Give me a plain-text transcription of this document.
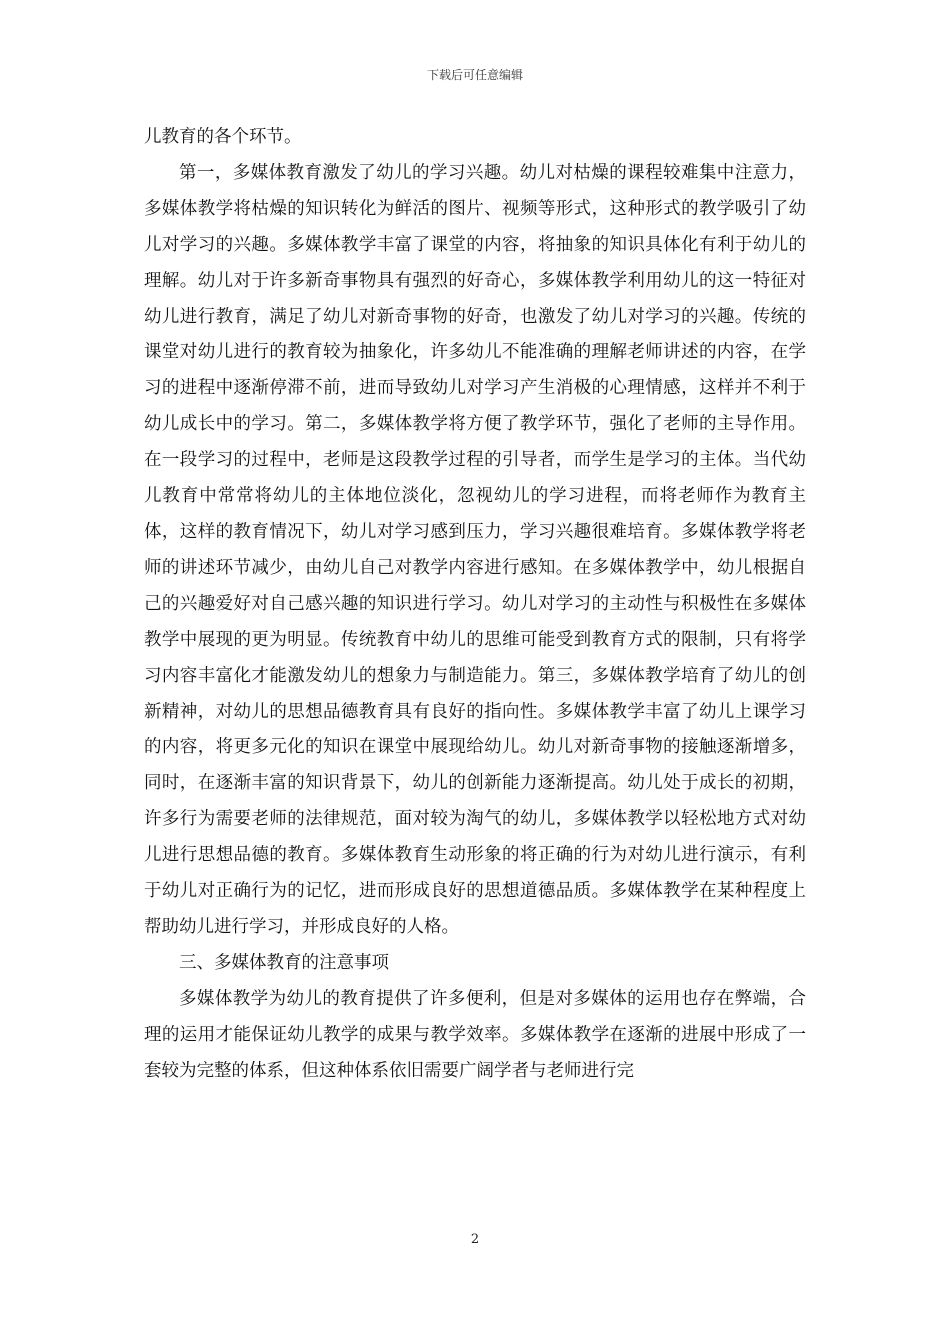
下载后可任意编辑

儿教育的各个环节。

第一，多媒体教育激发了幼儿的学习兴趣。幼儿对枯燥的课程较难集中注意力，多媒体教学将枯燥的知识转化为鲜活的图片、视频等形式，这种形式的教学吸引了幼儿对学习的兴趣。多媒体教学丰富了课堂的内容，将抽象的知识具体化有利于幼儿的理解。幼儿对于许多新奇事物具有强烈的好奇心，多媒体教学利用幼儿的这一特征对幼儿进行教育，满足了幼儿对新奇事物的好奇，也激发了幼儿对学习的兴趣。传统的课堂对幼儿进行的教育较为抽象化，许多幼儿不能准确的理解老师讲述的内容，在学习的进程中逐渐停滞不前，进而导致幼儿对学习产生消极的心理情感，这样并不利于幼儿成长中的学习。第二，多媒体教学将方便了教学环节，强化了老师的主导作用。在一段学习的过程中，老师是这段教学过程的引导者，而学生是学习的主体。当代幼儿教育中常常将幼儿的主体地位淡化，忽视幼儿的学习进程，而将老师作为教育主体，这样的教育情况下，幼儿对学习感到压力，学习兴趣很难培育。多媒体教学将老师的讲述环节减少，由幼儿自己对教学内容进行感知。在多媒体教学中，幼儿根据自己的兴趣爱好对自己感兴趣的知识进行学习。幼儿对学习的主动性与积极性在多媒体教学中展现的更为明显。传统教育中幼儿的思维可能受到教育方式的限制，只有将学习内容丰富化才能激发幼儿的想象力与制造能力。第三，多媒体教学培育了幼儿的创新精神，对幼儿的思想品德教育具有良好的指向性。多媒体教学丰富了幼儿上课学习的内容，将更多元化的知识在课堂中展现给幼儿。幼儿对新奇事物的接触逐渐增多，同时，在逐渐丰富的知识背景下，幼儿的创新能力逐渐提高。幼儿处于成长的初期，许多行为需要老师的法律规范，面对较为淘气的幼儿，多媒体教学以轻松地方式对幼儿进行思想品德的教育。多媒体教育生动形象的将正确的行为对幼儿进行演示，有利于幼儿对正确行为的记忆，进而形成良好的思想道德品质。多媒体教学在某种程度上帮助幼儿进行学习，并形成良好的人格。

三、多媒体教育的注意事项

多媒体教学为幼儿的教育提供了许多便利，但是对多媒体的运用也存在弊端，合理的运用才能保证幼儿教学的成果与教学效率。多媒体教学在逐渐的进展中形成了一套较为完整的体系，但这种体系依旧需要广阔学者与老师进行完

2
